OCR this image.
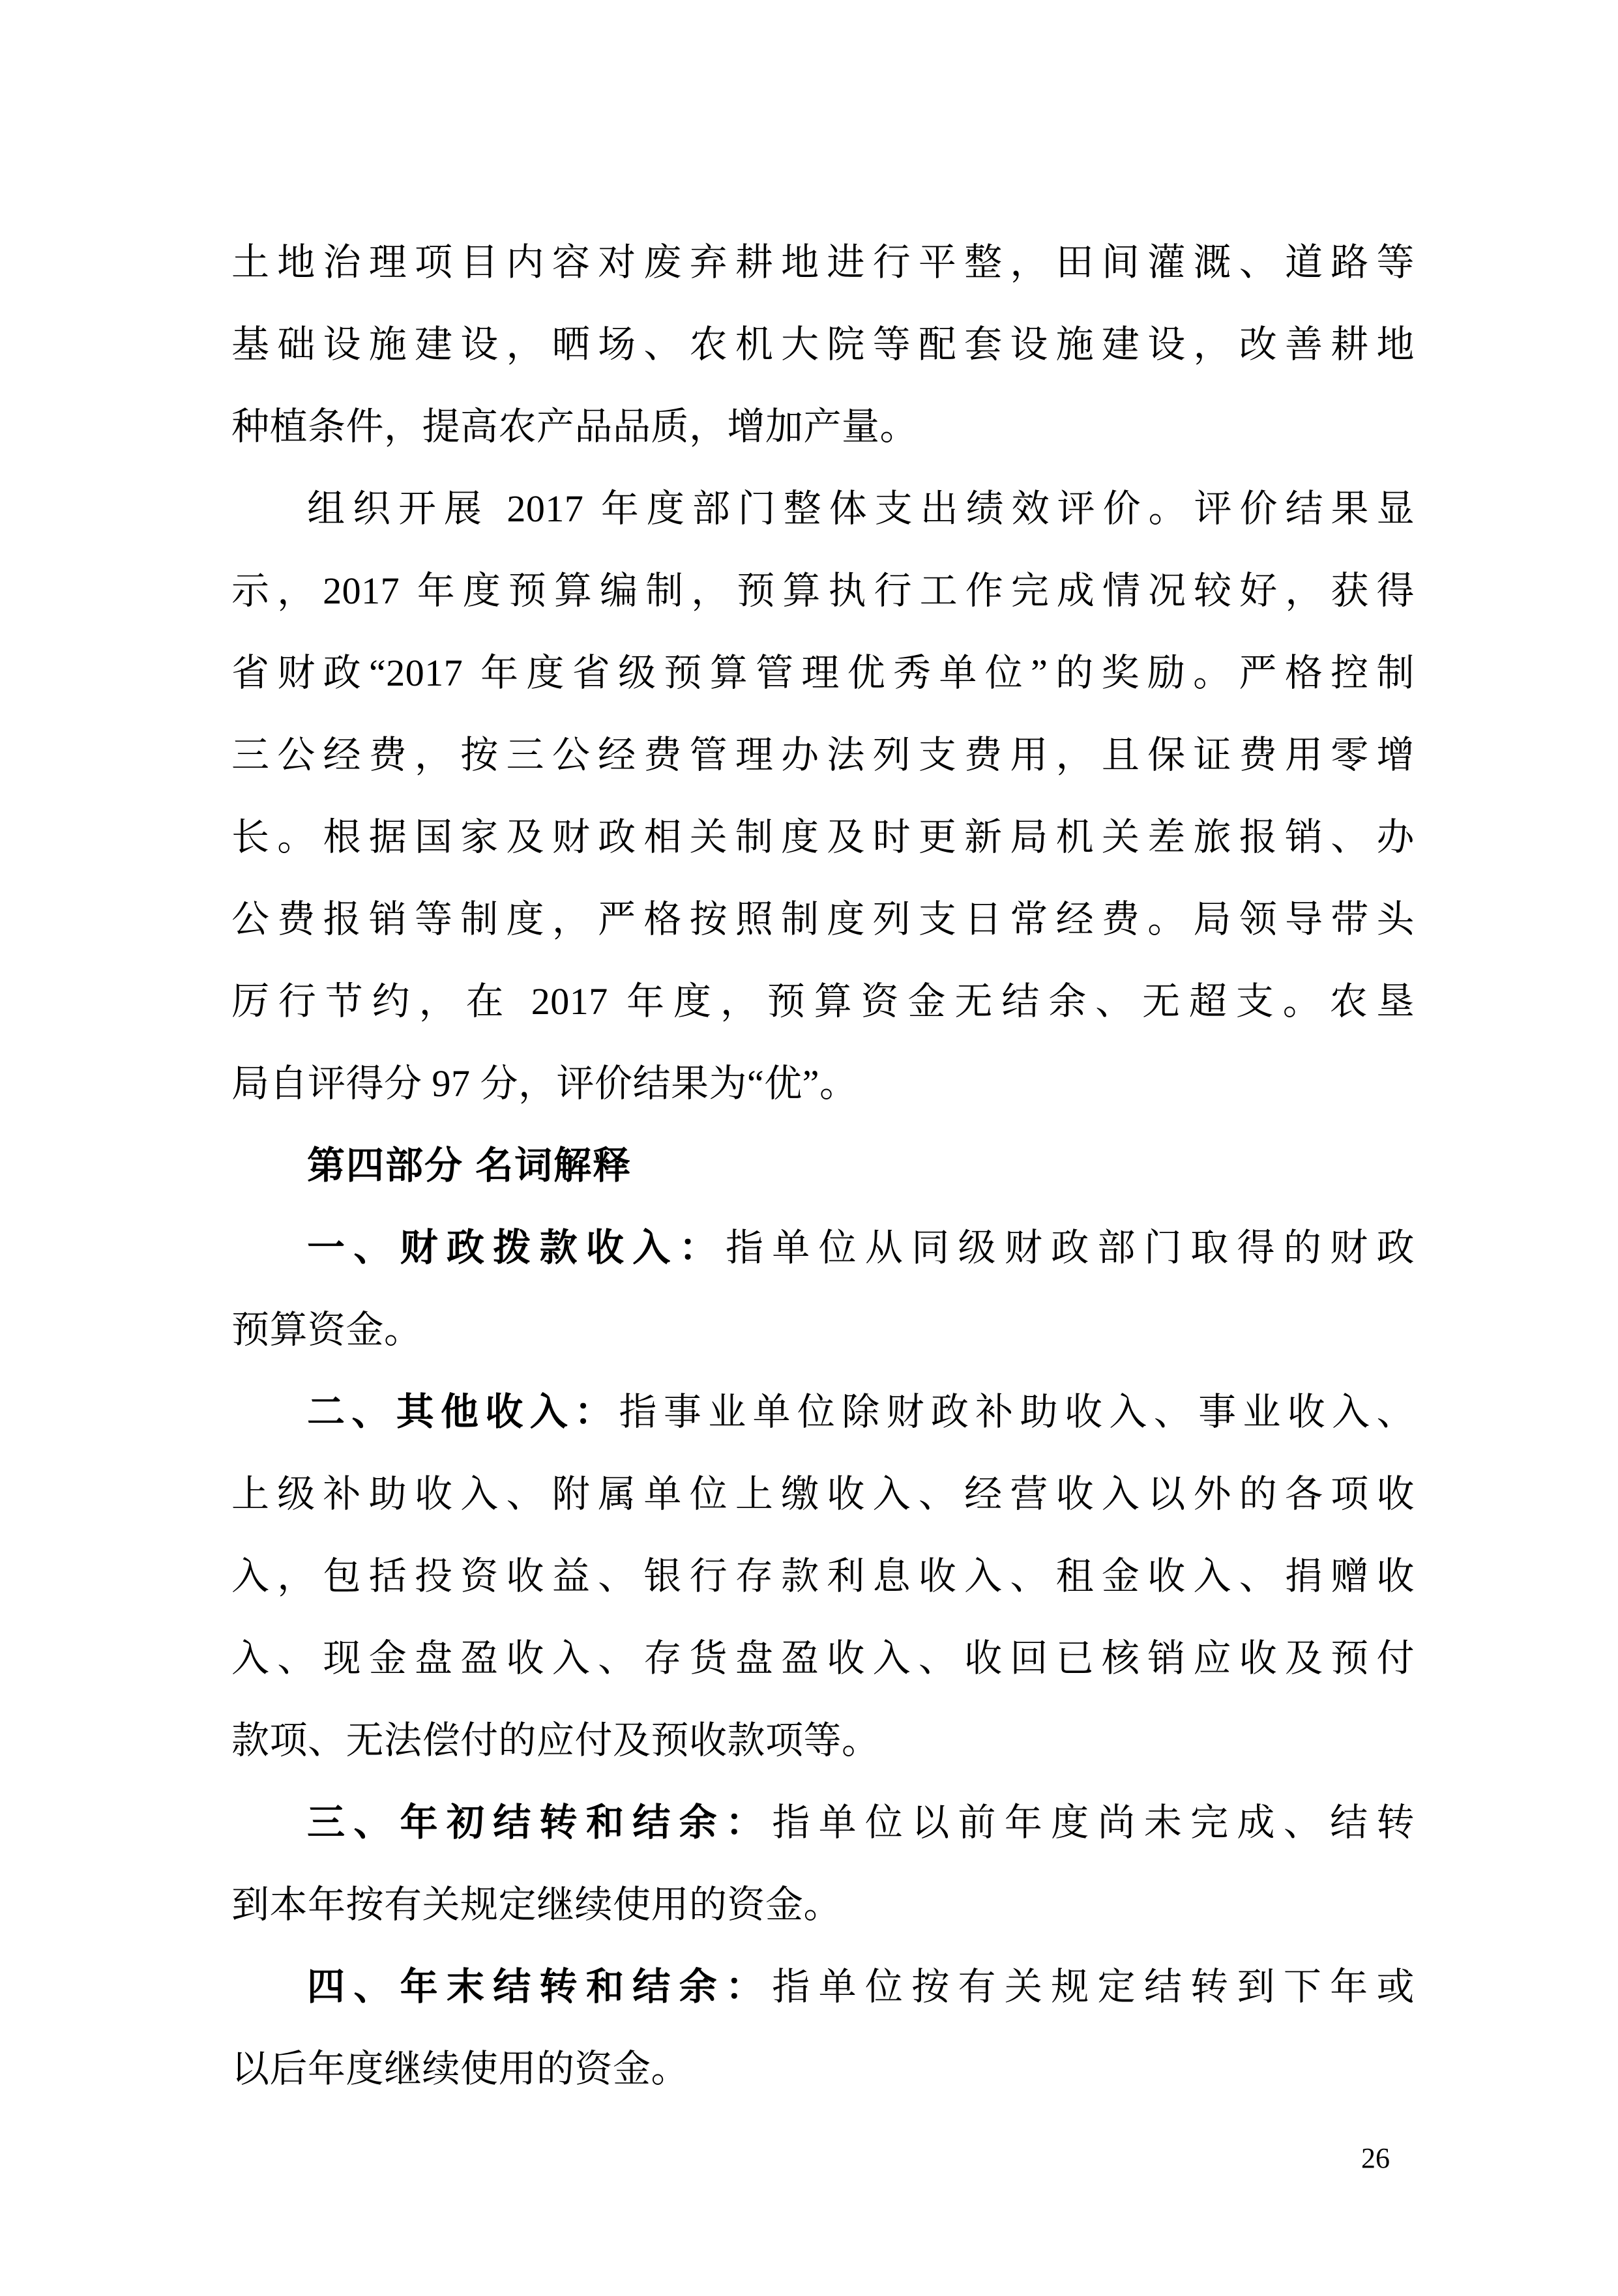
土地治理项目内容对废弃耕地进行平整，田间灌溉、道路等
基础设施建设，晒场、农机大院等配套设施建设，改善耕地
种植条件，提高农产品品质，增加产量。
组织开展 2017 年度部门整体支出绩效评价。评价结果显
示，2017 年度预算编制，预算执行工作完成情况较好，获得
省财政“2017 年度省级预算管理优秀单位”的奖励。严格控制
三公经费，按三公经费管理办法列支费用，且保证费用零增
长。根据国家及财政相关制度及时更新局机关差旅报销、办
公费报销等制度，严格按照制度列支日常经费。局领导带头
厉行节约，在 2017 年度，预算资金无结余、无超支。农垦
局自评得分 97 分，评价结果为“优”。
第四部分 名词解释
一、财政拨款收入：指单位从同级财政部门取得的财政
预算资金。
二、其他收入：指事业单位除财政补助收入、事业收入、
上级补助收入、附属单位上缴收入、经营收入以外的各项收
入，包括投资收益、银行存款利息收入、租金收入、捐赠收
入、现金盘盈收入、存货盘盈收入、收回已核销应收及预付
款项、无法偿付的应付及预收款项等。
三、年初结转和结余：指单位以前年度尚未完成、结转
到本年按有关规定继续使用的资金。
四、年末结转和结余：指单位按有关规定结转到下年或
以后年度继续使用的资金。
26
